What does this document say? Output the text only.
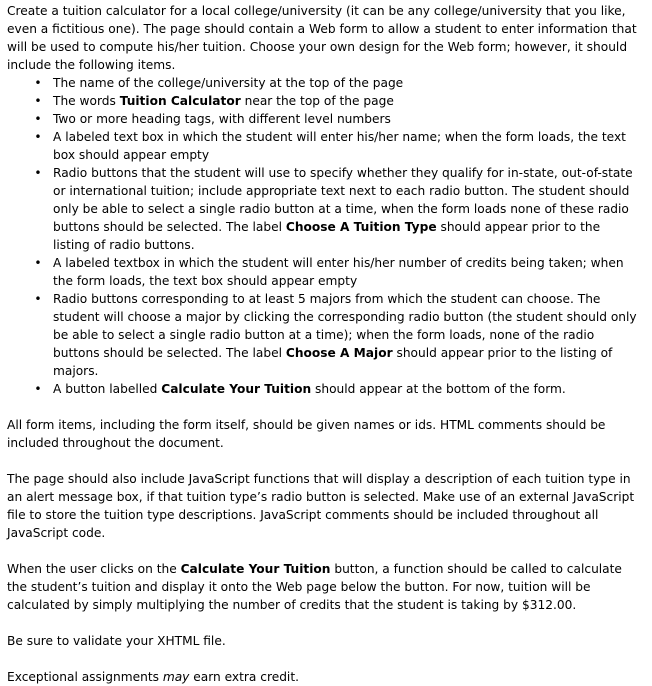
Create a tuition calculator for a local college/university (it can be any college/university that you like, even a fictitious one). The page should contain a Web form to allow a student to enter information that will be used to compute his/her tuition. Choose your own design for the Web form; however, it should include the following items.

• The name of the college/university at the top of the page
• The words Tuition Calculator near the top of the page
• Two or more heading tags, with different level numbers
• A labeled text box in which the student will enter his/her name; when the form loads, the text box should appear empty
• Radio buttons that the student will use to specify whether they qualify for in-state, out-of-state or international tuition; include appropriate text next to each radio button. The student should only be able to select a single radio button at a time, when the form loads none of these radio buttons should be selected. The label Choose A Tuition Type should appear prior to the listing of radio buttons.
• A labeled textbox in which the student will enter his/her number of credits being taken; when the form loads, the text box should appear empty
• Radio buttons corresponding to at least 5 majors from which the student can choose. The student will choose a major by clicking the corresponding radio button (the student should only be able to select a single radio button at a time); when the form loads, none of the radio buttons should be selected. The label Choose A Major should appear prior to the listing of majors.
• A button labelled Calculate Your Tuition should appear at the bottom of the form.

All form items, including the form itself, should be given names or ids. HTML comments should be included throughout the document.

The page should also include JavaScript functions that will display a description of each tuition type in an alert message box, if that tuition type’s radio button is selected. Make use of an external JavaScript file to store the tuition type descriptions. JavaScript comments should be included throughout all JavaScript code.

When the user clicks on the Calculate Your Tuition button, a function should be called to calculate the student’s tuition and display it onto the Web page below the button. For now, tuition will be calculated by simply multiplying the number of credits that the student is taking by $312.00.

Be sure to validate your XHTML file.

Exceptional assignments may earn extra credit.
